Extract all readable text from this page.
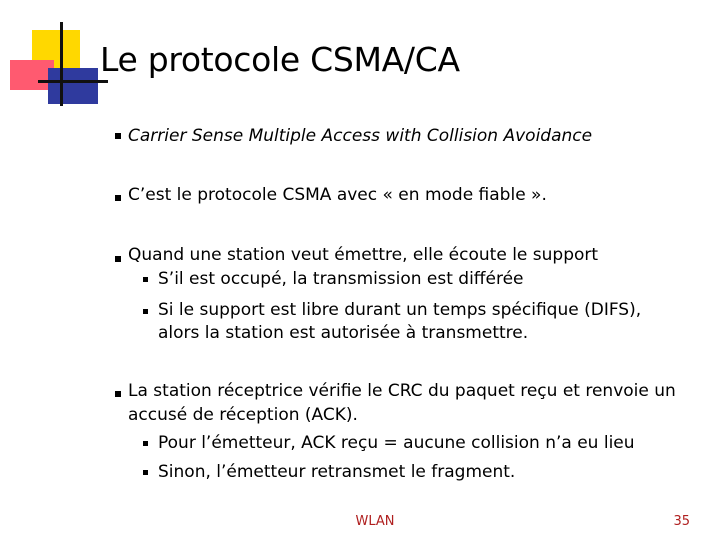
Le protocole CSMA/CA
Carrier Sense Multiple Access with Collision Avoidance
C’est le protocole CSMA avec « en mode fiable ».
Quand une station veut émettre, elle écoute le support
S’il est occupé, la transmission est différée
Si le support est libre durant un temps spécifique (DIFS),
alors la station est autorisée à transmettre.
La station réceptrice vérifie le CRC du paquet reçu et renvoie un
accusé de réception (ACK).
Pour l’émetteur, ACK reçu = aucune collision n’a eu lieu
Sinon, l’émetteur retransmet le fragment.
WLAN	35
